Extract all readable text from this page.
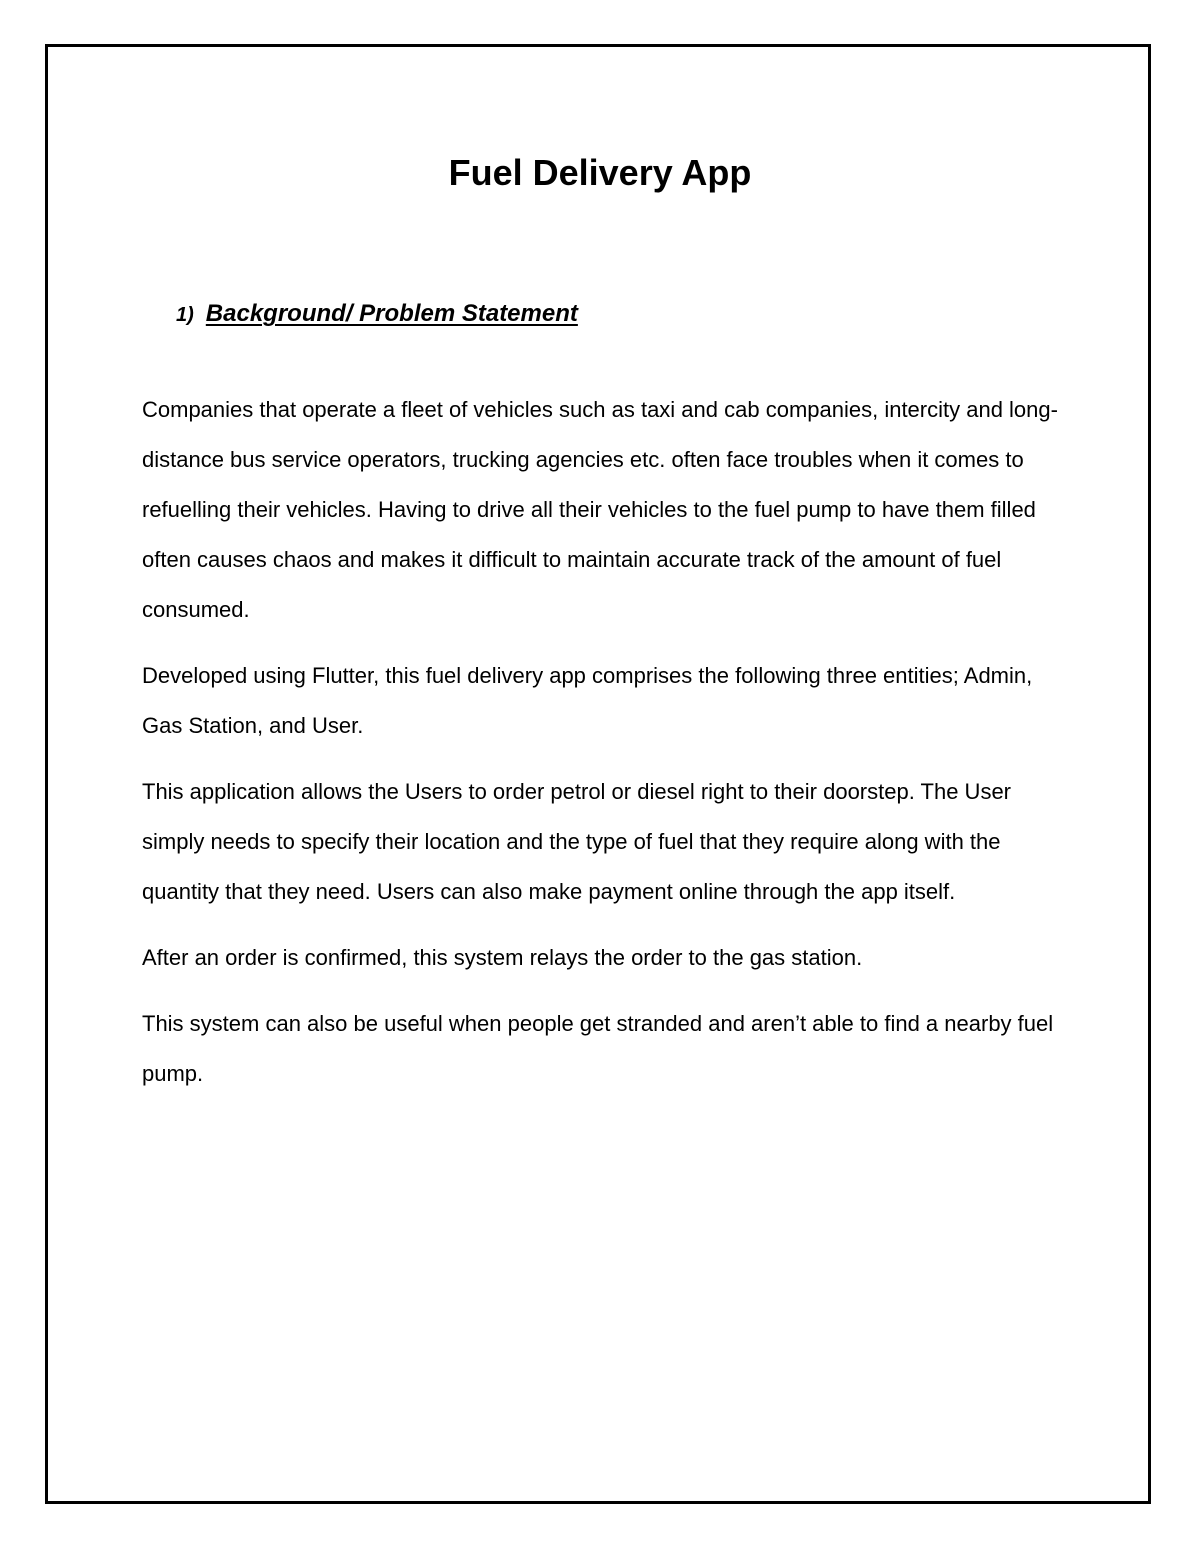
Fuel Delivery App
1) Background/ Problem Statement

Companies that operate a fleet of vehicles such as taxi and cab companies, intercity and long-distance bus service operators, trucking agencies etc. often face troubles when it comes to refuelling their vehicles. Having to drive all their vehicles to the fuel pump to have them filled often causes chaos and makes it difficult to maintain accurate track of the amount of fuel consumed.

Developed using Flutter, this fuel delivery app comprises the following three entities; Admin, Gas Station, and User.

This application allows the Users to order petrol or diesel right to their doorstep. The User simply needs to specify their location and the type of fuel that they require along with the quantity that they need. Users can also make payment online through the app itself.

After an order is confirmed, this system relays the order to the gas station.

This system can also be useful when people get stranded and aren’t able to find a nearby fuel pump.
